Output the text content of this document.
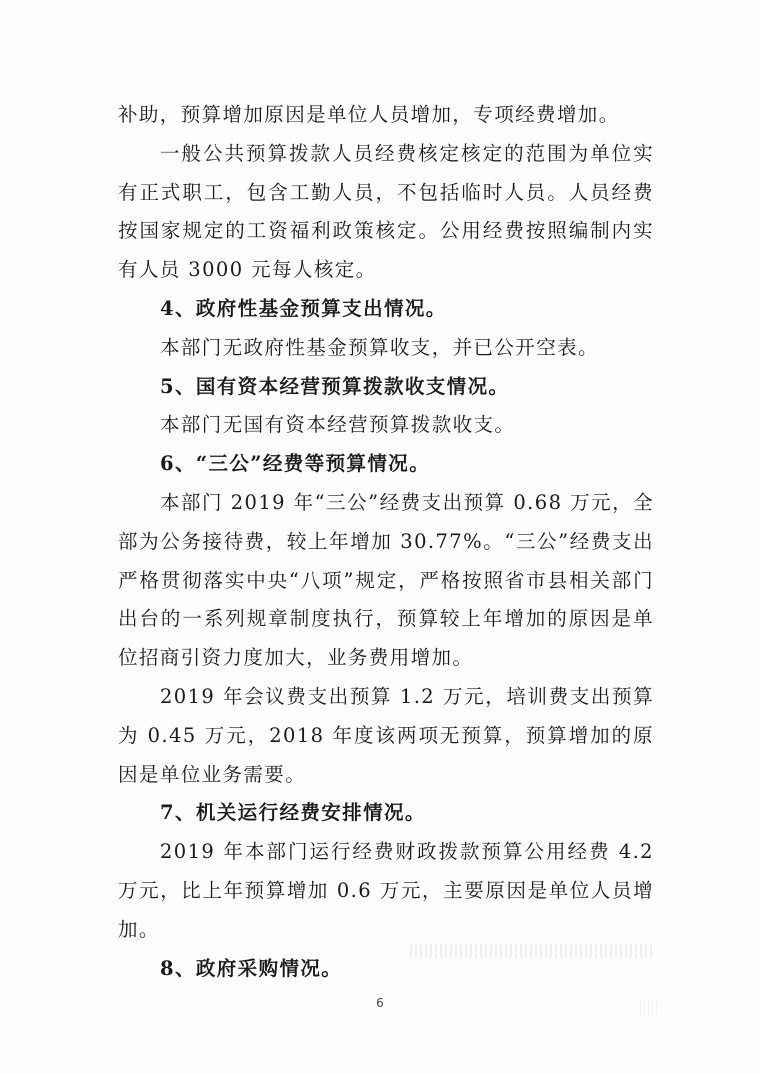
补助，预算增加原因是单位人员增加，专项经费增加。

一般公共预算拨款人员经费核定核定的范围为单位实有正式职工，包含工勤人员，不包括临时人员。人员经费按国家规定的工资福利政策核定。公用经费按照编制内实有人员 3000 元每人核定。

4、政府性基金预算支出情况。

本部门无政府性基金预算收支，并已公开空表。

5、国有资本经营预算拨款收支情况。

本部门无国有资本经营预算拨款收支。

6、“三公”经费等预算情况。

本部门 2019 年“三公”经费支出预算 0.68 万元，全部为公务接待费，较上年增加 30.77%。“三公”经费支出严格贯彻落实中央“八项”规定，严格按照省市县相关部门出台的一系列规章制度执行，预算较上年增加的原因是单位招商引资力度加大，业务费用增加。

2019 年会议费支出预算 1.2 万元，培训费支出预算为 0.45 万元，2018 年度该两项无预算，预算增加的原因是单位业务需要。

7、机关运行经费安排情况。

2019 年本部门运行经费财政拨款预算公用经费 4.2 万元，比上年预算增加 0.6 万元，主要原因是单位人员增加。

8、政府采购情况。

6
